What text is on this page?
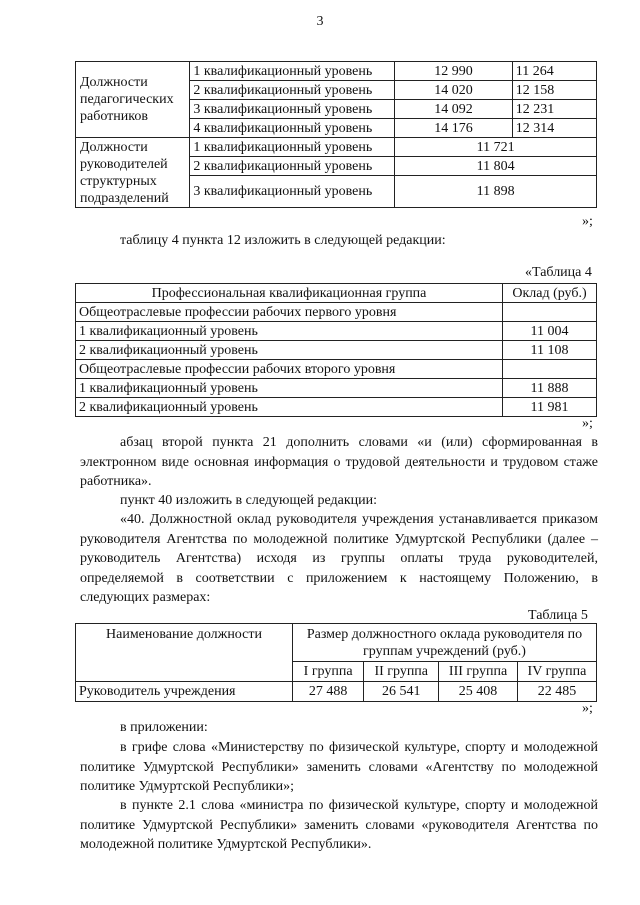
3
Должности педагогических работников	1 квалификационный уровень	12 990	11 264
	2 квалификационный уровень	14 020	12 158
	3 квалификационный уровень	14 092	12 231
	4 квалификационный уровень	14 176	12 314
Должности руководителей структурных подразделений	1 квалификационный уровень	11 721	
	2 квалификационный уровень	11 804	
	3 квалификационный уровень	11 898	
»;

таблицу 4 пункта 12 изложить в следующей редакции:

«Таблица 4
Профессиональная квалификационная группа	Оклад (руб.)
Общеотраслевые профессии рабочих первого уровня	
1 квалификационный уровень	11 004
2 квалификационный уровень	11 108
Общеотраслевые профессии рабочих второго уровня	
1 квалификационный уровень	11 888
2 квалификационный уровень	11 981
»;

абзац второй пункта 21 дополнить словами «и (или) сформированная в электронном виде основная информация о трудовой деятельности и трудовом стаже работника».

пункт 40 изложить в следующей редакции:

«40. Должностной оклад руководителя учреждения устанавливается приказом руководителя Агентства по молодежной политике Удмуртской Республики (далее – руководитель Агентства) исходя из группы оплаты труда руководителей, определяемой в соответствии с приложением к настоящему Положению, в следующих размерах:

Таблица 5
Наименование должности	Размер должностного оклада руководителя по группам учреждений (руб.)			
	I группа	II группа	III группа	IV группа
Руководитель учреждения	27 488	26 541	25 408	22 485
»;

в приложении:

в грифе слова «Министерству по физической культуре, спорту и молодежной политике Удмуртской Республики» заменить словами «Агентству по молодежной политике Удмуртской Республики»;

в пункте 2.1 слова «министра по физической культуре, спорту и молодежной политике Удмуртской Республики» заменить словами «руководителя Агентства по молодежной политике Удмуртской Республики».
